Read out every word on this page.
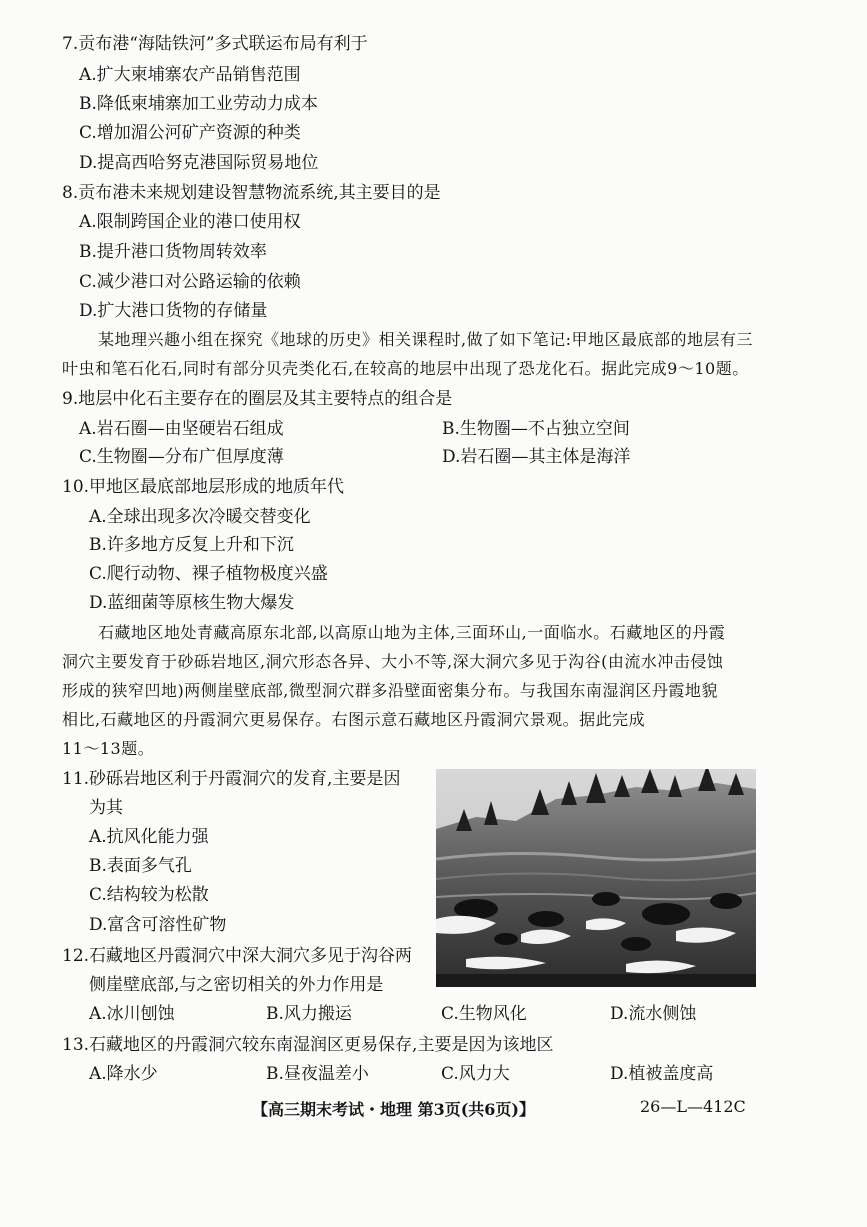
7.贡布港“海陆铁河”多式联运布局有利于
A.扩大柬埔寨农产品销售范围
B.降低柬埔寨加工业劳动力成本
C.增加湄公河矿产资源的种类
D.提高西哈努克港国际贸易地位
8.贡布港未来规划建设智慧物流系统,其主要目的是
A.限制跨国企业的港口使用权
B.提升港口货物周转效率
C.减少港口对公路运输的依赖
D.扩大港口货物的存储量
某地理兴趣小组在探究《地球的历史》相关课程时,做了如下笔记:甲地区最底部的地层有三
叶虫和笔石化石,同时有部分贝壳类化石,在较高的地层中出现了恐龙化石。据此完成9～10题。
9.地层中化石主要存在的圈层及其主要特点的组合是
A.岩石圈—由坚硬岩石组成	B.生物圈—不占独立空间
C.生物圈—分布广但厚度薄	D.岩石圈—其主体是海洋
10.甲地区最底部地层形成的地质年代
A.全球出现多次冷暖交替变化
B.许多地方反复上升和下沉
C.爬行动物、裸子植物极度兴盛
D.蓝细菌等原核生物大爆发
石藏地区地处青藏高原东北部,以高原山地为主体,三面环山,一面临水。石藏地区的丹霞
洞穴主要发育于砂砾岩地区,洞穴形态各异、大小不等,深大洞穴多见于沟谷(由流水冲击侵蚀
形成的狭窄凹地)两侧崖壁底部,微型洞穴群多沿壁面密集分布。与我国东南湿润区丹霞地貌
相比,石藏地区的丹霞洞穴更易保存。右图示意石藏地区丹霞洞穴景观。据此完成
11～13题。
11.砂砾岩地区利于丹霞洞穴的发育,主要是因
为其
A.抗风化能力强
B.表面多气孔
C.结构较为松散
D.富含可溶性矿物
12.石藏地区丹霞洞穴中深大洞穴多见于沟谷两
侧崖壁底部,与之密切相关的外力作用是
A.冰川刨蚀	B.风力搬运	C.生物风化	D.流水侧蚀
13.石藏地区的丹霞洞穴较东南湿润区更易保存,主要是因为该地区
A.降水少	B.昼夜温差小	C.风力大	D.植被盖度高
【高三期末考试・地理 第3页(共6页)】	26—L—412C
